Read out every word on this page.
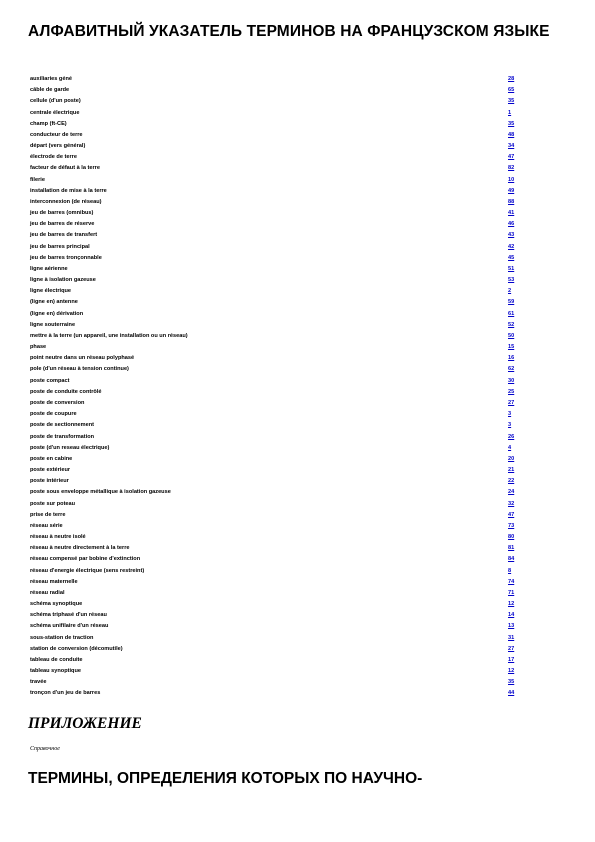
АЛФАВИТНЫЙ УКАЗАТЕЛЬ ТЕРМИНОВ НА ФРАНЦУЗСКОМ ЯЗЫКЕ
auxiliaries géné	28
câble de garde	65
cellule (d'un poste)	35
centrale électrique	1
champ (ft-CE)	35
conducteur de terre	48
départ (vers général)	34
électrode de terre	47
facteur de défaut à la terre	82
filerie	10
installation de mise à la terre	49
interconnexion (de réseau)	88
jeu de barres (omnibus)	41
jeu de barres de réserve	46
jeu de barres de transfert	43
jeu de barres principal	42
jeu de barres tronçonnable	45
ligne aérienne	51
ligne à isolation gazeuse	53
ligne électrique	2
(ligne en) antenne	59
(ligne en) dérivation	61
ligne souterraine	52
mettre à la terre (un appareil, une installation ou un réseau)	50
phase	15
point neutre dans un réseau polyphasé	16
pole (d'un réseau à tension continue)	62
poste compact	30
poste de conduite contrôlé	25
poste de conversion	27
poste de coupure	3
poste de sectionnement	3
poste de transformation	26
poste (d'un reseau électrique)	4
poste en cabine	20
poste extérieur	21
poste intérieur	22
poste sous enveloppe métallique à isolation gazeuse	24
poste sur poteau	32
prise de terre	47
réseau série	73
réseau à neutre isolé	80
réseau à neutre directement à la terre	81
réseau compensé par bobine d'extinction	84
réseau d'energie électrique (sens restreint)	8
réseau maternelle	74
réseau radial	71
schéma synoptique	12
schéma triphasé d'un réseau	14
schéma unifilaire d'un réseau	13
sous-station de traction	31
station de conversion (décomutile)	27
tableau de conduite	17
tableau synoptique	12
travée	35
tronçon d'un jeu de barres	44
ПРИЛОЖЕНИЕ
Справочное
ТЕРМИНЫ, ОПРЕДЕЛЕНИЯ КОТОРЫХ ПО НАУЧНО-
